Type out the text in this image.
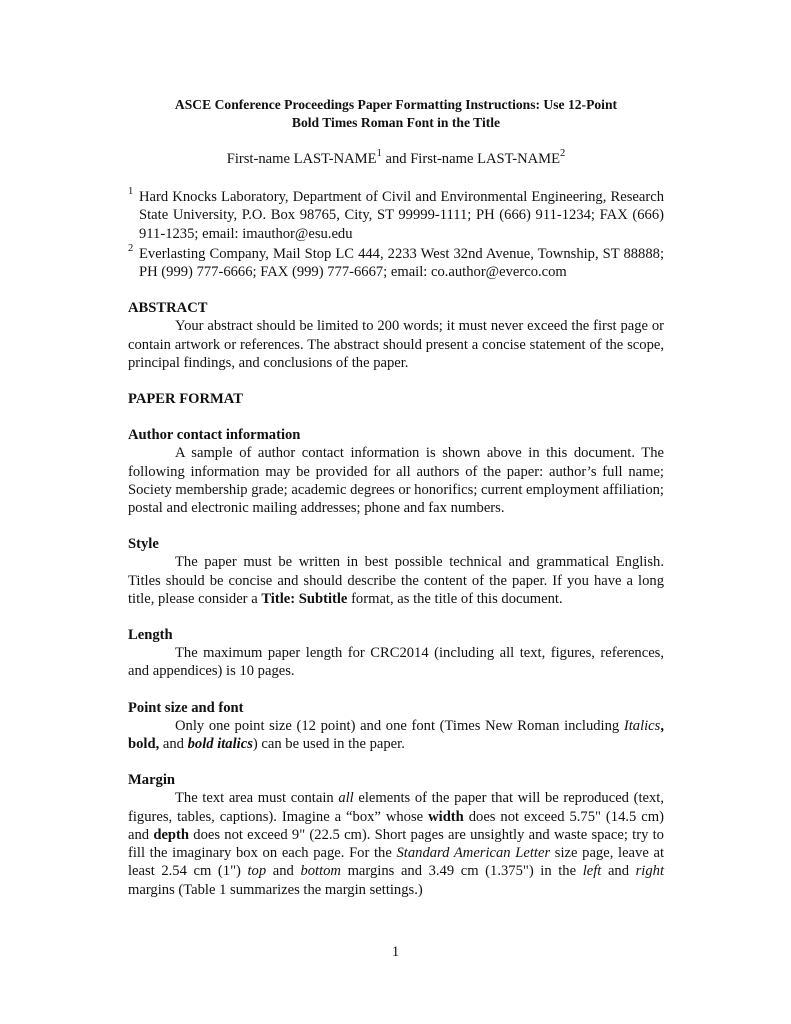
ASCE Conference Proceedings Paper Formatting Instructions: Use 12-Point
Bold Times Roman Font in the Title
First-name LAST-NAME$^1$ and First-name LAST-NAME$^2$
1 Hard Knocks Laboratory, Department of Civil and Environmental Engineering, Research State University, P.O. Box 98765, City, ST 99999-1111; PH (666) 911-1234; FAX (666) 911-1235; email: imauthor@esu.edu
2 Everlasting Company, Mail Stop LC 444, 2233 West 32nd Avenue, Township, ST 88888; PH (999) 777-6666; FAX (999) 777-6667; email: co.author@everco.com
ABSTRACT

Your abstract should be limited to 200 words; it must never exceed the first page or contain artwork or references. The abstract should present a concise statement of the scope, principal findings, and conclusions of the paper.

PAPER FORMAT
Author contact information

A sample of author contact information is shown above in this document. The following information may be provided for all authors of the paper: author’s full name; Society membership grade; academic degrees or honorifics; current employment affiliation; postal and electronic mailing addresses; phone and fax numbers.

Style

The paper must be written in best possible technical and grammatical English. Titles should be concise and should describe the content of the paper. If you have a long title, please consider a Title: Subtitle format, as the title of this document.

Length

The maximum paper length for CRC2014 (including all text, figures, references, and appendices) is 10 pages.

Point size and font

Only one point size (12 point) and one font (Times New Roman including Italics, bold, and bold italics) can be used in the paper.

Margin

The text area must contain all elements of the paper that will be reproduced (text, figures, tables, captions). Imagine a “box” whose width does not exceed 5.75" (14.5 cm) and depth does not exceed 9" (22.5 cm). Short pages are unsightly and waste space; try to fill the imaginary box on each page. For the Standard American Letter size page, leave at least 2.54 cm (1") top and bottom margins and 3.49 cm (1.375") in the left and right margins (Table 1 summarizes the margin settings.)

1
